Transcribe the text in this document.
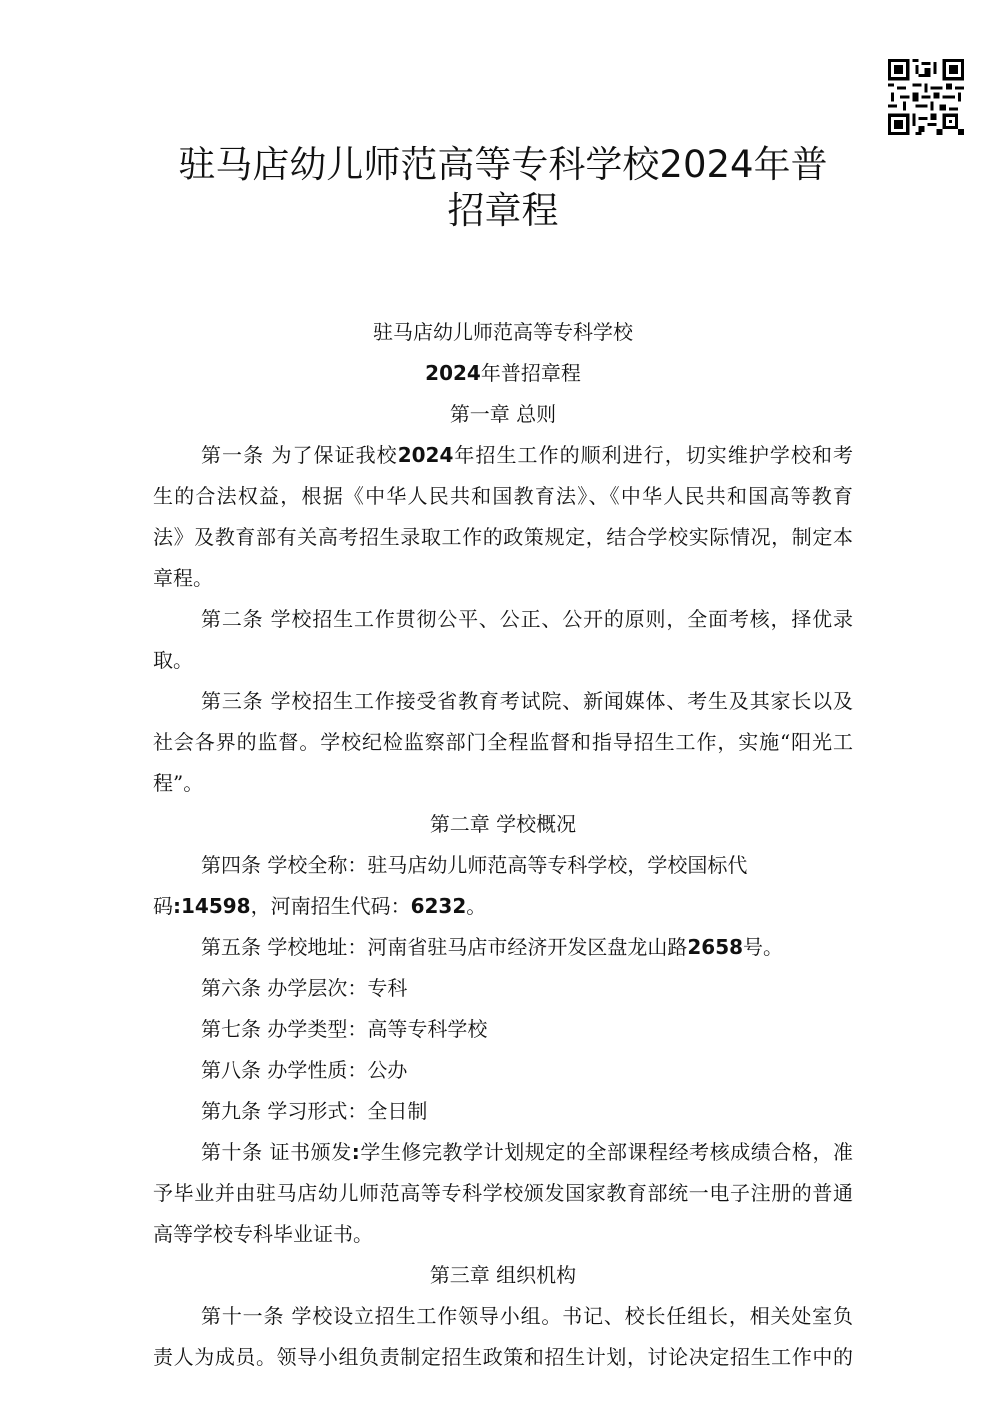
驻马店幼儿师范高等专科学校2024年普
招章程
驻马店幼儿师范高等专科学校
2024年普招章程
第一章 总则
第一条 为了保证我校2024年招生工作的顺利进行，切实维护学校和考
生的合法权益，根据《中华人民共和国教育法》、《中华人民共和国高等教育
法》及教育部有关高考招生录取工作的政策规定，结合学校实际情况，制定本
章程。
第二条 学校招生工作贯彻公平、公正、公开的原则，全面考核，择优录
取。
第三条 学校招生工作接受省教育考试院、新闻媒体、考生及其家长以及
社会各界的监督。学校纪检监察部门全程监督和指导招生工作，实施“阳光工
程”。
第二章 学校概况
第四条 学校全称：驻马店幼儿师范高等专科学校，学校国标代
码:14598，河南招生代码：6232。
第五条 学校地址：河南省驻马店市经济开发区盘龙山路2658号。
第六条 办学层次：专科
第七条 办学类型：高等专科学校
第八条 办学性质：公办
第九条 学习形式：全日制
第十条 证书颁发:学生修完教学计划规定的全部课程经考核成绩合格，准
予毕业并由驻马店幼儿师范高等专科学校颁发国家教育部统一电子注册的普通
高等学校专科毕业证书。
第三章 组织机构
第十一条 学校设立招生工作领导小组。书记、校长任组长，相关处室负
责人为成员。领导小组负责制定招生政策和招生计划，讨论决定招生工作中的
